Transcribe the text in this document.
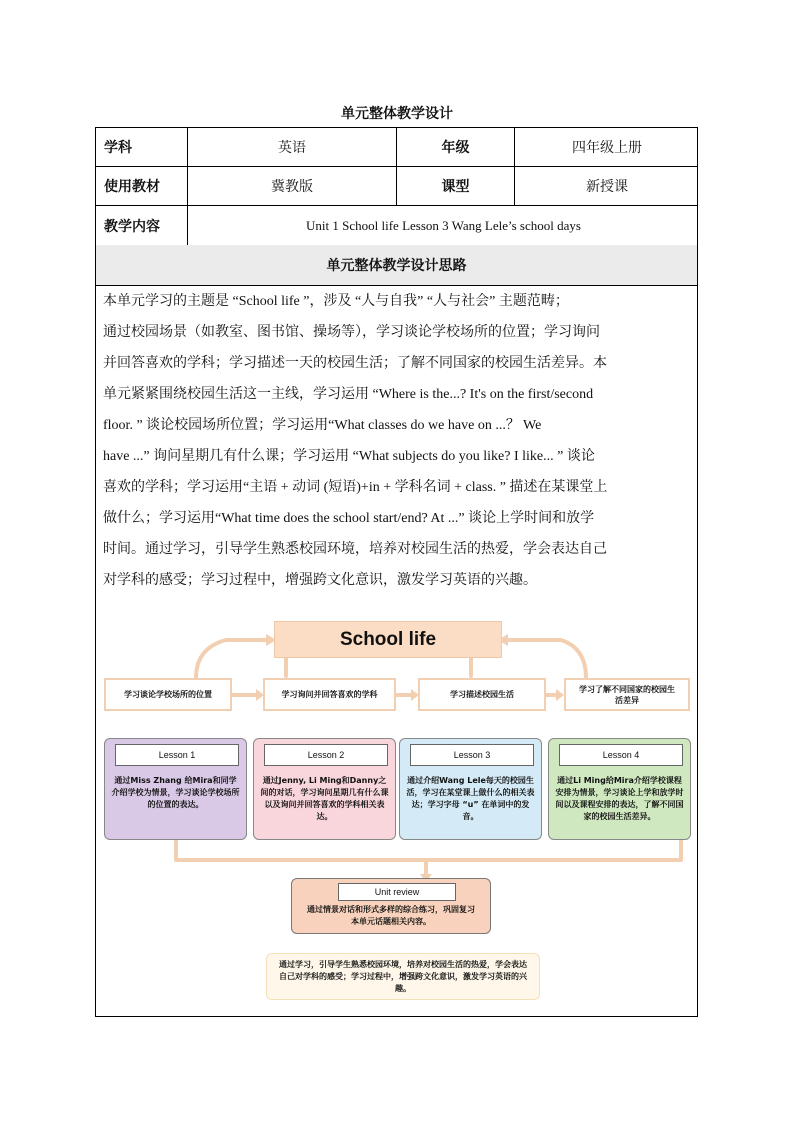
单元整体教学设计
学科	英语	年级	四年级上册
使用教材	冀教版	课型	新授课
教学内容	Unit 1 School life Lesson 3 Wang Lele’s school days
单元整体教学设计思路

本单元学习的主题是 “School life ”，涉及 “人与自我” “人与社会” 主题范畴；

通过校园场景（如教室、图书馆、操场等），学习谈论学校场所的位置；学习询问

并回答喜欢的学科；学习描述一天的校园生活；了解不同国家的校园生活差异。本

单元紧紧围绕校园生活这一主线，学习运用 “Where is the...? It's on the first/second

floor. ” 谈论校园场所位置；学习运用“What classes do we have on ...？ We

have ...” 询问星期几有什么课；学习运用 “What subjects do you like? I like... ” 谈论

喜欢的学科；学习运用“主语 + 动词 (短语)+in + 学科名词 + class. ” 描述在某课堂上

做什么；学习运用“What time does the school start/end? At ...” 谈论上学时间和放学

时间。通过学习，引导学生熟悉校园环境，培养对校园生活的热爱，学会表达自己

对学科的感受；学习过程中，增强跨文化意识，激发学习英语的兴趣。

School life
学习谈论学校场所的位置	学习询问并回答喜欢的学科	学习描述校园生活
学习了解不同国家的校园生活差异
Lesson 1
通过Miss Zhang 给Mira和同学介绍学校为情景，学习谈论学校场所的位置的表达。
Lesson 2
通过Jenny, Li Ming和Danny之间的对话，学习询问星期几有什么课以及询问并回答喜欢的学科相关表达。
Lesson 3
通过介绍Wang Lele每天的校园生活，学习在某堂课上做什么的相关表达；学习字母 “u” 在单词中的发音。
Lesson 4
通过Li Ming给Mira介绍学校课程安排为情景，学习谈论上学和放学时间以及课程安排的表达，了解不同国家的校园生活差异。
Unit review
通过情景对话和形式多样的综合练习，巩固复习本单元话题相关内容。
通过学习，引导学生熟悉校园环境，培养对校园生活的热爱，学会表达自己对学科的感受；学习过程中，增强跨文化意识，激发学习英语的兴趣。
